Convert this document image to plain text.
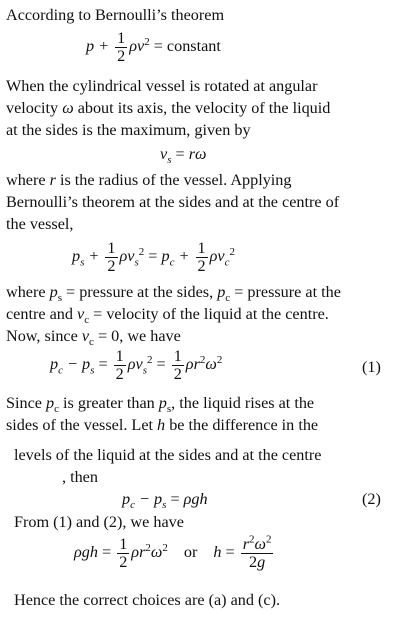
According to Bernoulli’s theorem
$p + \frac{1}{2} \rho v^2$ = constant
When the cylindrical vessel is rotated at angular
velocity ω about its axis, the velocity of the liquid
at the sides is the maximum, given by
$v_s = r\omega$
where r is the radius of the vessel. Applying
Bernoulli’s theorem at the sides and at the centre of
the vessel,
$p_s + \frac{1}{2} \rho v_s^2 = p_c + \frac{1}{2} \rho v_c^2$
where $p_s$ = pressure at the sides, $p_c$ = pressure at the
centre and $v_c$ = velocity of the liquid at the centre.
Now, since $v_c = 0$, we have
$p_c - p_s = \frac{1}{2} \rho v_s^2 = \frac{1}{2} \rho r^2\omega^2$	(1)
Since $p_c$ is greater than $p_s$, the liquid rises at the
sides of the vessel. Let h be the difference in the
levels of the liquid at the sides and at the centre
, then
$p_c - p_s = \rho gh$	(2)
From (1) and (2), we have
$\rho gh = \frac{1}{2} \rho r^2\omega^2$ or $h = \frac{r^2\omega^2}{2g}$
Hence the correct choices are (a) and (c).
